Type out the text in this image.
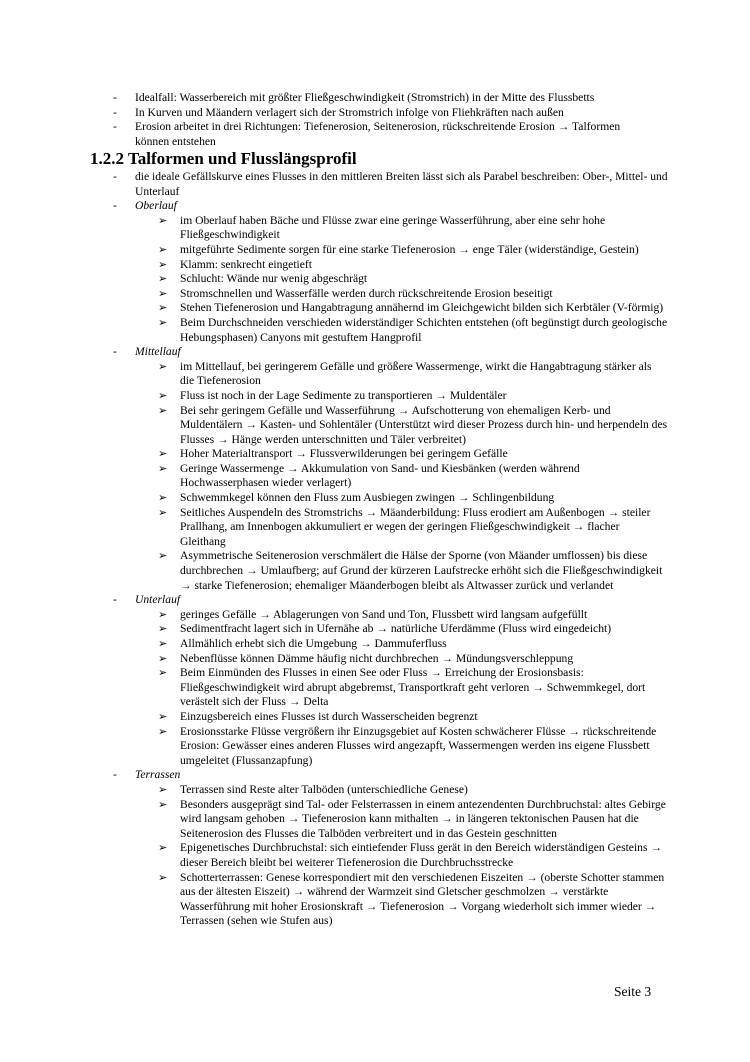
- Idealfall: Wasserbereich mit größter Fließgeschwindigkeit (Stromstrich) in der Mitte des Flussbetts
- In Kurven und Mäandern verlagert sich der Stromstrich infolge von Fliehkräften nach außen
- Erosion arbeitet in drei Richtungen: Tiefenerosion, Seitenerosion, rückschreitende Erosion → Talformen können entstehen
1.2.2 Talformen und Flusslängsprofil
- die ideale Gefällskurve eines Flusses in den mittleren Breiten lässt sich als Parabel beschreiben: Ober-, Mittel- und Unterlauf
- Oberlauf
➢ im Oberlauf haben Bäche und Flüsse zwar eine geringe Wasserführung, aber eine sehr hohe Fließgeschwindigkeit
➢ mitgeführte Sedimente sorgen für eine starke Tiefenerosion → enge Täler (widerständige, Gestein)
➢ Klamm: senkrecht eingetieft
➢ Schlucht: Wände nur wenig abgeschrägt
➢ Stromschnellen und Wasserfälle werden durch rückschreitende Erosion beseitigt
➢ Stehen Tiefenerosion und Hangabtragung annähernd im Gleichgewicht bilden sich Kerbtäler (V-förmig)
➢ Beim Durchschneiden verschieden widerständiger Schichten entstehen (oft begünstigt durch geologische Hebungsphasen) Canyons mit gestuftem Hangprofil
- Mittellauf
➢ im Mittellauf, bei geringerem Gefälle und größere Wassermenge, wirkt die Hangabtragung stärker als die Tiefenerosion
➢ Fluss ist noch in der Lage Sedimente zu transportieren → Muldentäler
➢ Bei sehr geringem Gefälle und Wasserführung → Aufschotterung von ehemaligen Kerb- und Muldentälern → Kasten- und Sohlentäler (Unterstützt wird dieser Prozess durch hin- und herpendeln des Flusses → Hänge werden unterschnitten und Täler verbreitet)
➢ Hoher Materialtransport → Flussverwilderungen bei geringem Gefälle
➢ Geringe Wassermenge → Akkumulation von Sand- und Kiesbänken (werden während Hochwasserphasen wieder verlagert)
➢ Schwemmkegel können den Fluss zum Ausbiegen zwingen → Schlingenbildung
➢ Seitliches Auspendeln des Stromstrichs → Mäanderbildung: Fluss erodiert am Außenbogen → steiler Prallhang, am Innenbogen akkumuliert er wegen der geringen Fließgeschwindigkeit → flacher Gleithang
➢ Asymmetrische Seitenerosion verschmälert die Hälse der Sporne (von Mäander umflossen) bis diese durchbrechen → Umlaufberg; auf Grund der kürzeren Laufstrecke erhöht sich die Fließgeschwindigkeit → starke Tiefenerosion; ehemaliger Mäanderbogen bleibt als Altwasser zurück und verlandet
- Unterlauf
➢ geringes Gefälle → Ablagerungen von Sand und Ton, Flussbett wird langsam aufgefüllt
➢ Sedimentfracht lagert sich in Ufernähe ab → natürliche Uferdämme (Fluss wird eingedeicht)
➢ Allmählich erhebt sich die Umgebung → Dammuferfluss
➢ Nebenflüsse können Dämme häufig nicht durchbrechen → Mündungsverschleppung
➢ Beim Einmünden des Flusses in einen See oder Fluss → Erreichung der Erosionsbasis: Fließgeschwindigkeit wird abrupt abgebremst, Transportkraft geht verloren → Schwemmkegel, dort verästelt sich der Fluss → Delta
➢ Einzugsbereich eines Flusses ist durch Wasserscheiden begrenzt
➢ Erosionsstarke Flüsse vergrößern ihr Einzugsgebiet auf Kosten schwächerer Flüsse → rückschreitende Erosion: Gewässer eines anderen Flusses wird angezapft, Wassermengen werden ins eigene Flussbett umgeleitet (Flussanzapfung)
- Terrassen
➢ Terrassen sind Reste alter Talböden (unterschiedliche Genese)
➢ Besonders ausgeprägt sind Tal- oder Felsterrassen in einem antezendenten Durchbruchstal: altes Gebirge wird langsam gehoben → Tiefenerosion kann mithalten → in längeren tektonischen Pausen hat die Seitenerosion des Flusses die Talböden verbreitert und in das Gestein geschnitten
➢ Epigenetisches Durchbruchstal: sich eintiefender Fluss gerät in den Bereich widerständigen Gesteins → dieser Bereich bleibt bei weiterer Tiefenerosion die Durchbruchsstrecke
➢ Schotterterrassen: Genese korrespondiert mit den verschiedenen Eiszeiten → (oberste Schotter stammen aus der ältesten Eiszeit) → während der Warmzeit sind Gletscher geschmolzen → verstärkte Wasserführung mit hoher Erosionskraft → Tiefenerosion → Vorgang wiederholt sich immer wieder → Terrassen (sehen wie Stufen aus)
Seite 3
